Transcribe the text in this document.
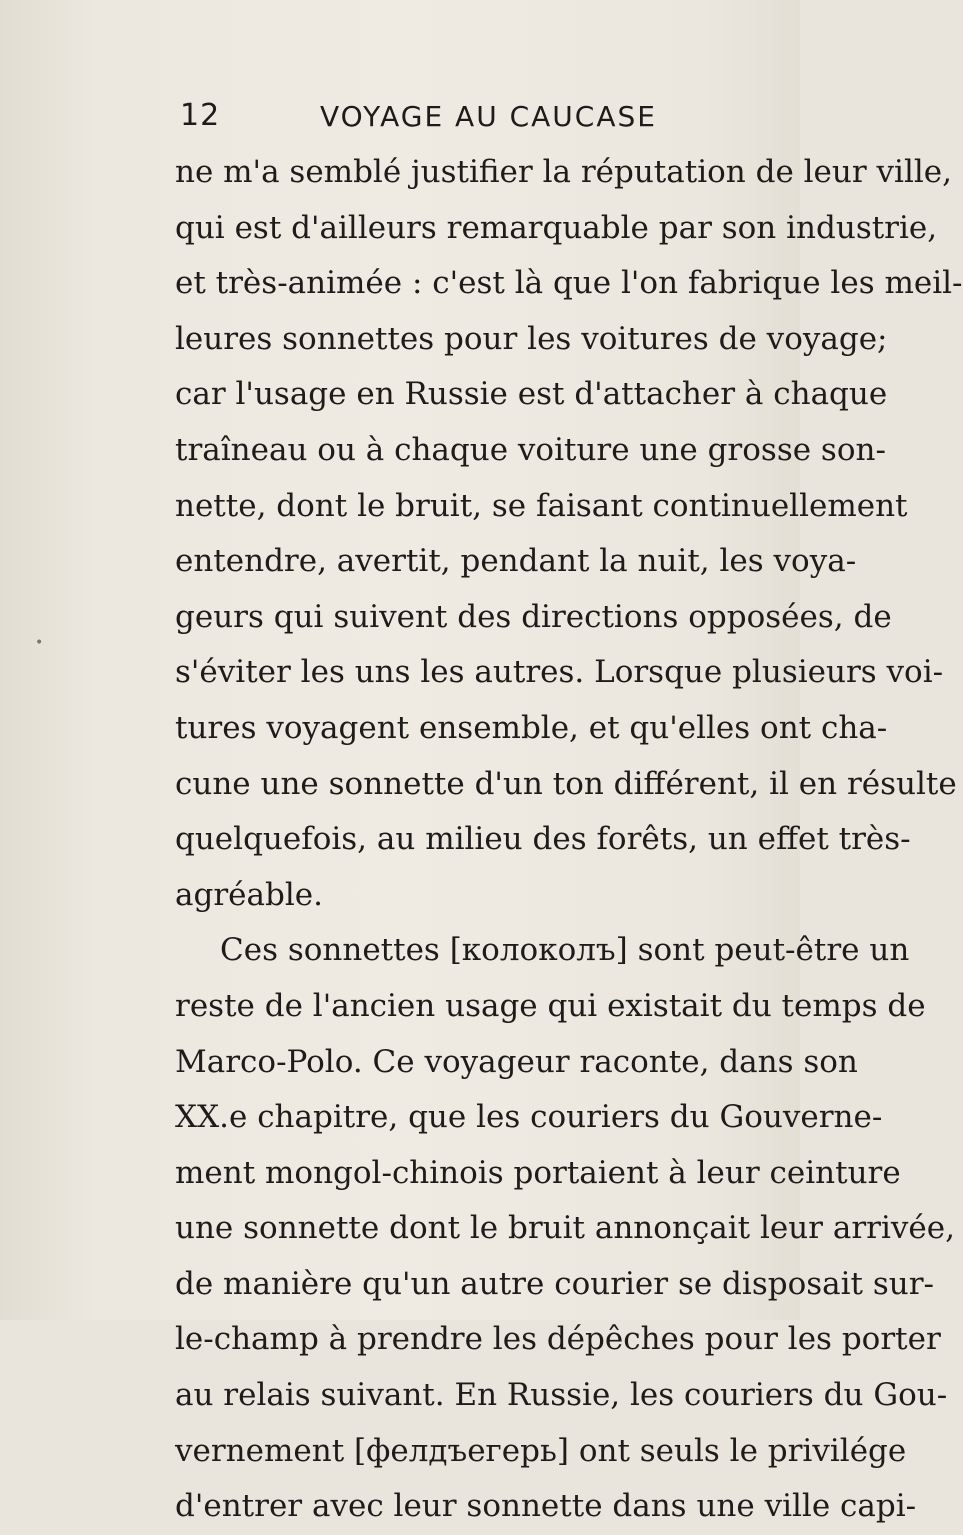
12	VOYAGE AU CAUCASE
•
ne m'a semblé justifier la réputation de leur ville,
qui est d'ailleurs remarquable par son industrie,
et très-animée : c'est là que l'on fabrique les meil-
leures sonnettes pour les voitures de voyage;
car l'usage en Russie est d'attacher à chaque
traîneau ou à chaque voiture une grosse son-
nette, dont le bruit, se faisant continuellement
entendre, avertit, pendant la nuit, les voya-
geurs qui suivent des directions opposées, de
s'éviter les uns les autres. Lorsque plusieurs voi-
tures voyagent ensemble, et qu'elles ont cha-
cune une sonnette d'un ton différent, il en résulte
quelquefois, au milieu des forêts, un effet très-
agréable.
Ces sonnettes [колоколъ] sont peut-être un
reste de l'ancien usage qui existait du temps de
Marco-Polo. Ce voyageur raconte, dans son
XX.e chapitre, que les couriers du Gouverne-
ment mongol-chinois portaient à leur ceinture
une sonnette dont le bruit annonçait leur arrivée,
de manière qu'un autre courier se disposait sur-
le-champ à prendre les dépêches pour les porter
au relais suivant. En Russie, les couriers du Gou-
vernement [фелдъегерь] ont seuls le privilége
d'entrer avec leur sonnette dans une ville capi-
